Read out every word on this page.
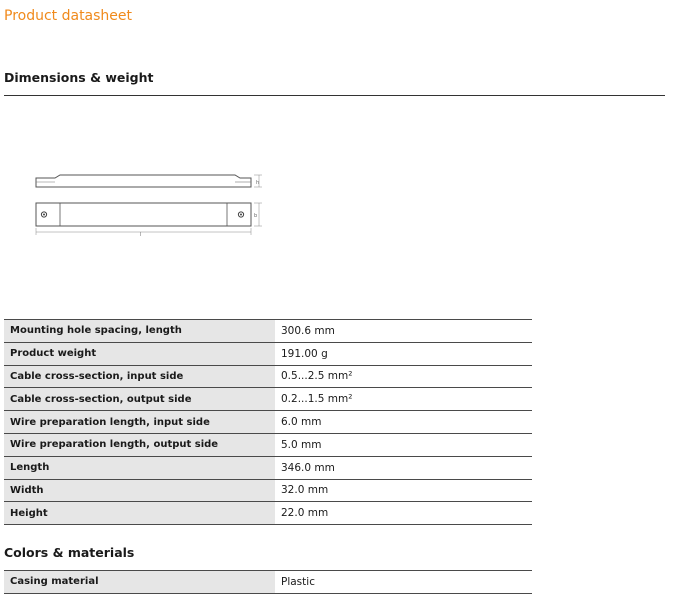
Product datasheet
Dimensions & weight
h
b
l
Mounting hole spacing, length	300.6 mm
Product weight	191.00 g
Cable cross-section, input side	0.5...2.5 mm²
Cable cross-section, output side	0.2...1.5 mm²
Wire preparation length, input side	6.0 mm
Wire preparation length, output side	5.0 mm
Length	346.0 mm
Width	32.0 mm
Height	22.0 mm
Colors & materials
Casing material	Plastic
